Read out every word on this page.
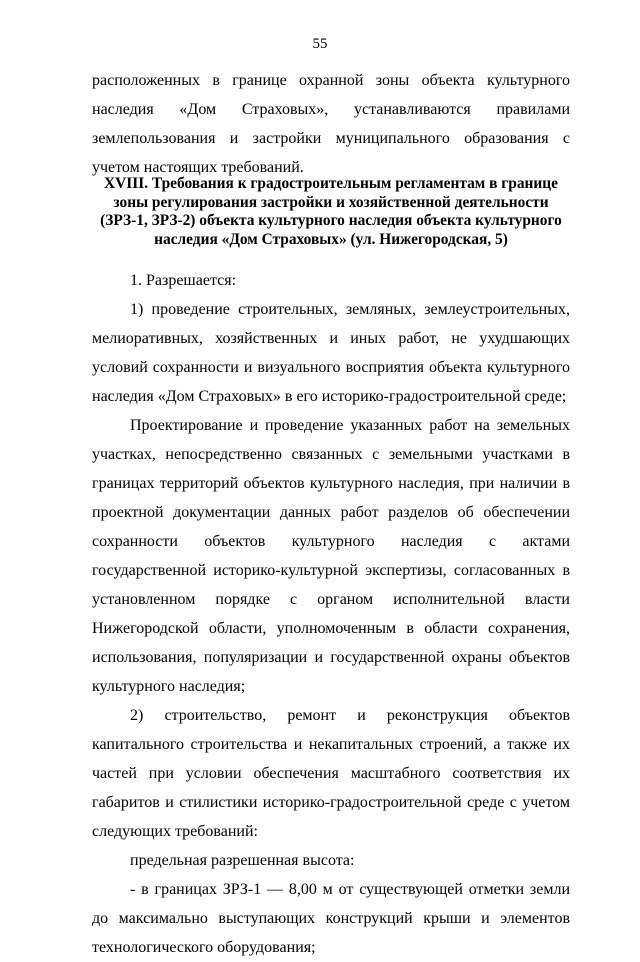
55

расположенных в границе охранной зоны объекта культурного наследия «Дом Страховых», устанавливаются правилами землепользования и застройки муниципального образования с учетом настоящих требований.

XVIII. Требования к градостроительным регламентам в границе зоны регулирования застройки и хозяйственной деятельности (ЗРЗ-1, ЗРЗ-2) объекта культурного наследия объекта культурного наследия «Дом Страховых» (ул. Нижегородская, 5)

1. Разрешается:

1) проведение строительных, земляных, землеустроительных, мелиоративных, хозяйственных и иных работ, не ухудшающих условий сохранности и визуального восприятия объекта культурного наследия «Дом Страховых» в его историко-градостроительной среде;

Проектирование и проведение указанных работ на земельных участках, непосредственно связанных с земельными участками в границах территорий объектов культурного наследия, при наличии в проектной документации данных работ разделов об обеспечении сохранности объектов культурного наследия с актами государственной историко-культурной экспертизы, согласованных в установленном порядке с органом исполнительной власти Нижегородской области, уполномоченным в области сохранения, использования, популяризации и государственной охраны объектов культурного наследия;

2) строительство, ремонт и реконструкция объектов капитального строительства и некапитальных строений, а также их частей при условии обеспечения масштабного соответствия их габаритов и стилистики историко-градостроительной среде с учетом следующих требований:

предельная разрешенная высота:

- в границах ЗРЗ-1 — 8,00 м от существующей отметки земли до максимально выступающих конструкций крыши и элементов технологического оборудования;
